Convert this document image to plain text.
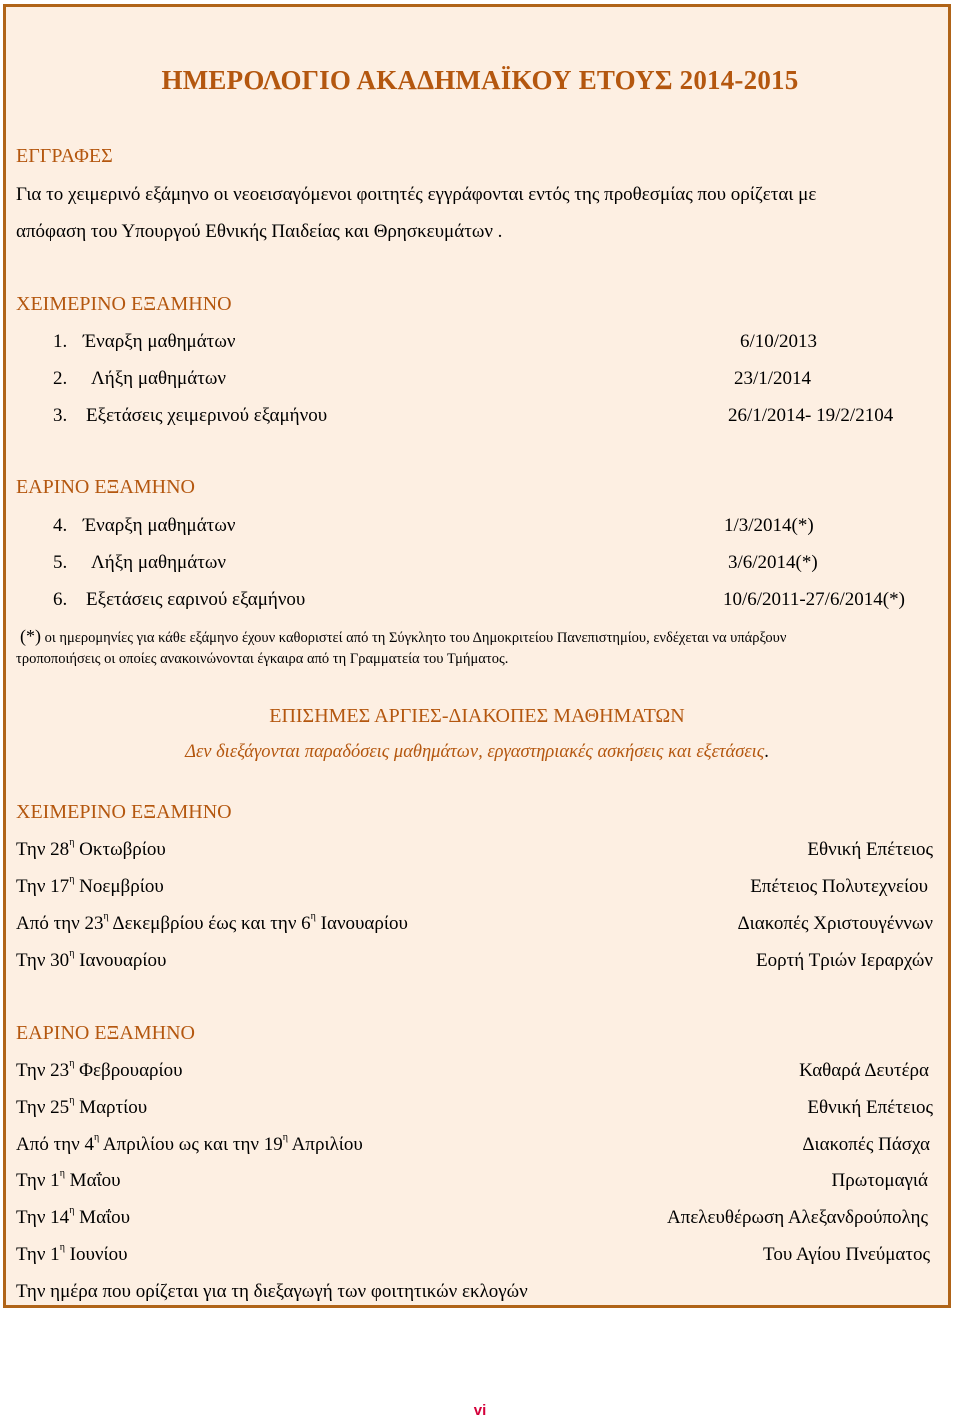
ΗΜΕΡΟΛΟΓΙΟ ΑΚΑΔΗΜΑΪΚΟΥ ΕΤΟΥΣ 2014-2015
ΕΓΓΡΑΦΕΣ
Για το χειμερινό εξάμηνο οι νεοεισαγόμενοι φοιτητές εγγράφονται εντός της προθεσμίας που ορίζεται με
απόφαση του Υπουργού Εθνικής Παιδείας και Θρησκευμάτων .
ΧΕΙΜΕΡΙΝΟ ΕΞΑΜΗΝΟ
1. Έναρξη μαθημάτων	6/10/2013
2. Λήξη μαθημάτων	23/1/2014
3. Εξετάσεις χειμερινού εξαμήνου	26/1/2014- 19/2/2104
ΕΑΡΙΝΟ ΕΞΑΜΗΝΟ
4. Έναρξη μαθημάτων	1/3/2014(*)
5. Λήξη μαθημάτων	3/6/2014(*)
6. Εξετάσεις εαρινού εξαμήνου	10/6/2011-27/6/2014(*)
(*) οι ημερομηνίες για κάθε εξάμηνο έχουν καθοριστεί από τη Σύγκλητο του Δημοκριτείου Πανεπιστημίου, ενδέχεται να υπάρξουν
τροποποιήσεις οι οποίες ανακοινώνονται έγκαιρα από τη Γραμματεία του Τμήματος.
ΕΠΙΣΗΜΕΣ ΑΡΓΙΕΣ-ΔΙΑΚΟΠΕΣ ΜΑΘΗΜΑΤΩΝ
Δεν διεξάγονται παραδόσεις μαθημάτων, εργαστηριακές ασκήσεις και εξετάσεις.
ΧΕΙΜΕΡΙΝΟ ΕΞΑΜΗΝΟ
Την $28^\eta$ Οκτωβρίου	Εθνική Επέτειος
Την $17^\eta$ Νοεμβρίου	Επέτειος Πολυτεχνείου
Από την $23^\eta$ Δεκεμβρίου έως και την $6^\eta$ Ιανουαρίου	Διακοπές Χριστουγέννων
Την $30^\eta$ Ιανουαρίου	Εορτή Τριών Ιεραρχών
ΕΑΡΙΝΟ ΕΞΑΜΗΝΟ
Την $23^\eta$ Φεβρουαρίου	Καθαρά Δευτέρα
Την $25^\eta$ Μαρτίου	Εθνική Επέτειος
Από την $4^\eta$ Απριλίου ως και την $19^\eta$ Απριλίου	Διακοπές Πάσχα
Την $1^\eta$ Μαΐου	Πρωτομαγιά
Την $14^\eta$ Μαΐου	Απελευθέρωση Αλεξανδρούπολης
Την $1^\eta$ Ιουνίου	Του Αγίου Πνεύματος
Την ημέρα που ορίζεται για τη διεξαγωγή των φοιτητικών εκλογών
vi
